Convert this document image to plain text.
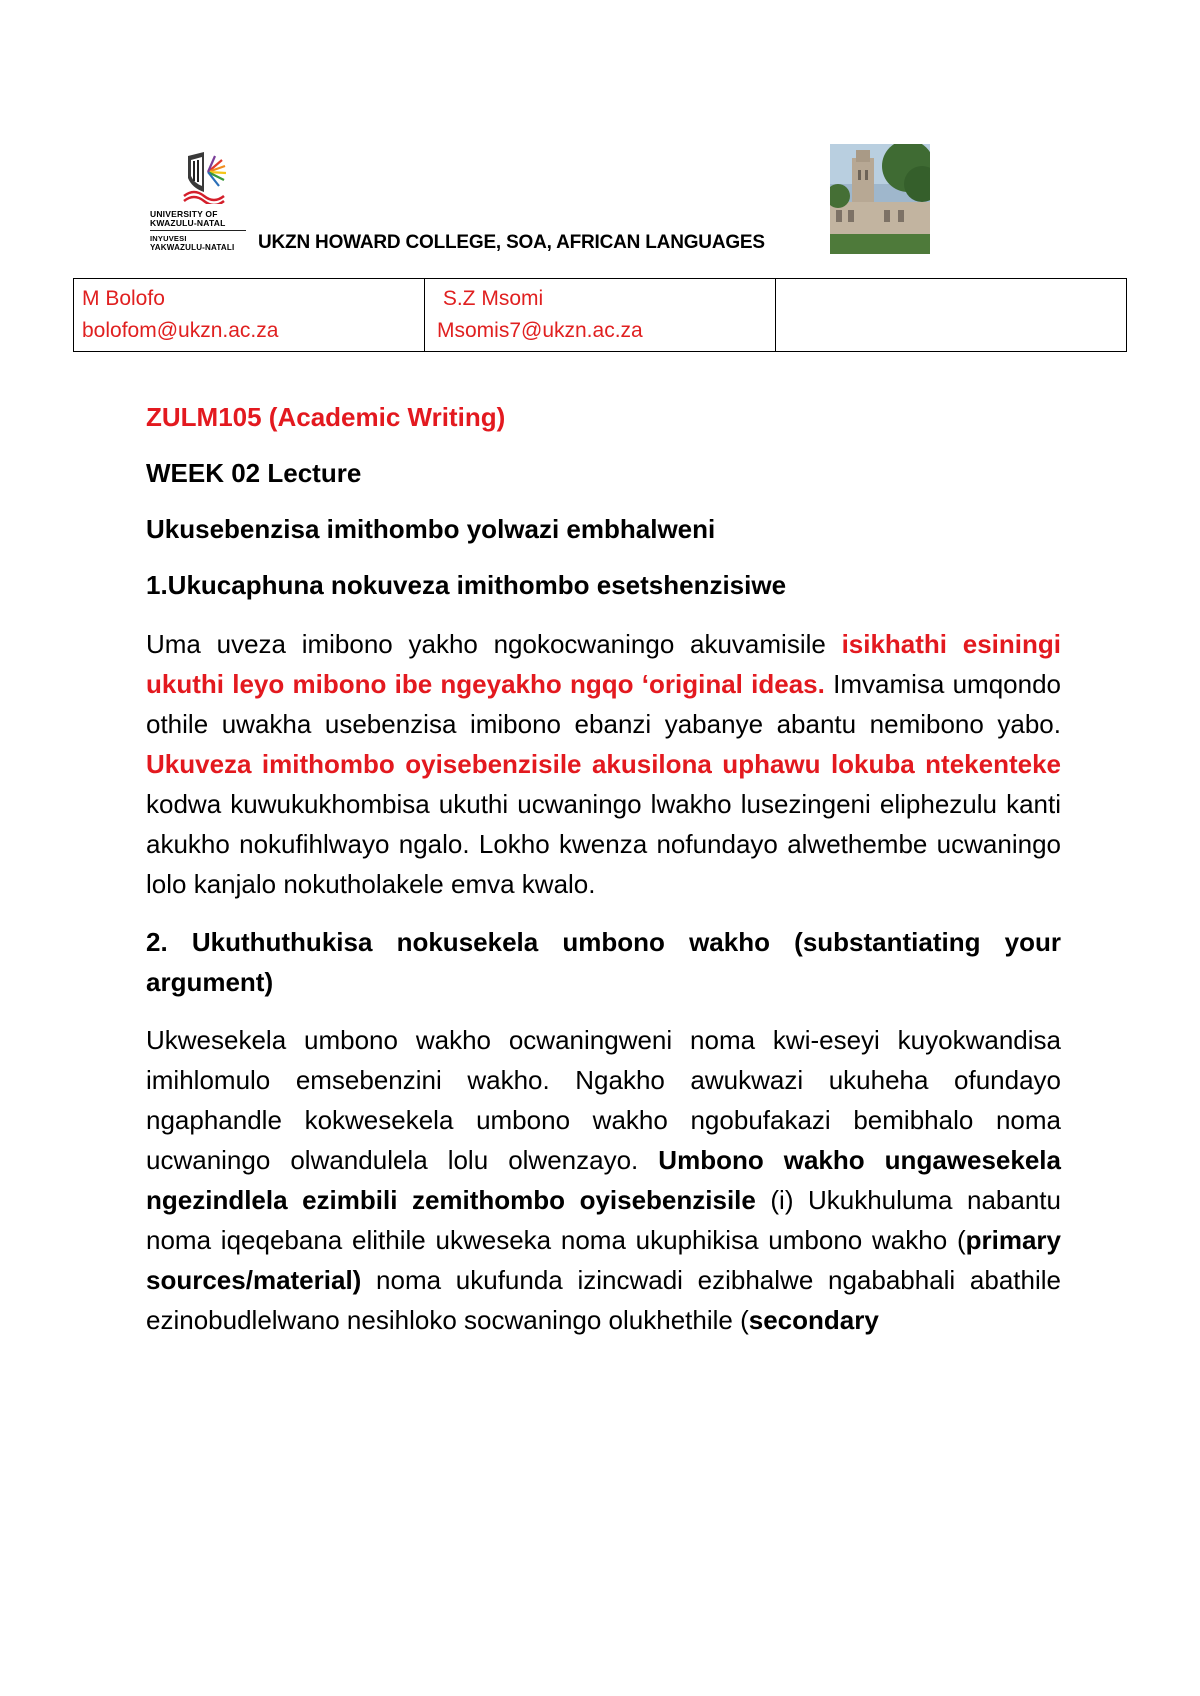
UNIVERSITY OF
KWAZULU-NATAL
INYUVESI
YAKWAZULU-NATALI UKZN HOWARD COLLEGE, SOA, AFRICAN LANGUAGES
M Bolofo
bolofom@ukzn.ac.za

S.Z Msomi
Msomis7@ukzn.ac.za

ZULM105 (Academic Writing)
WEEK 02 Lecture
Ukusebenzisa imithombo yolwazi embhalweni
1.Ukucaphuna nokuveza imithombo esetshenzisiwe
Uma uveza imibono yakho ngokocwaningo akuvamisile isikhathi esiningi ukuthi leyo mibono ibe ngeyakho ngqo ‘original ideas. Imvamisa umqondo othile uwakha usebenzisa imibono ebanzi yabanye abantu nemibono yabo. Ukuveza imithombo oyisebenzisile akusilona uphawu lokuba ntekenteke kodwa kuwukukhombisa ukuthi ucwaningo lwakho lusezingeni eliphezulu kanti akukho nokufihlwayo ngalo. Lokho kwenza nofundayo alwethembe ucwaningo lolo kanjalo nokutholakele emva kwalo.
2. Ukuthuthukisa nokusekela umbono wakho (substantiating your argument)
Ukwesekela umbono wakho ocwaningweni noma kwi-eseyi kuyokwandisa imihlomulo emsebenzini wakho. Ngakho awukwazi ukuheha ofundayo ngaphandle kokwesekela umbono wakho ngobufakazi bemibhalo noma ucwaningo olwandulela lolu olwenzayo. Umbono wakho ungawesekela ngezindlela ezimbili zemithombo oyisebenzisile (i) Ukukhuluma nabantu noma iqeqebana elithile ukweseka noma ukuphikisa umbono wakho (primary sources/material) noma ukufunda izincwadi ezibhalwe ngababhali abathile ezinobudlelwano nesihloko socwaningo olukhethile (secondary
